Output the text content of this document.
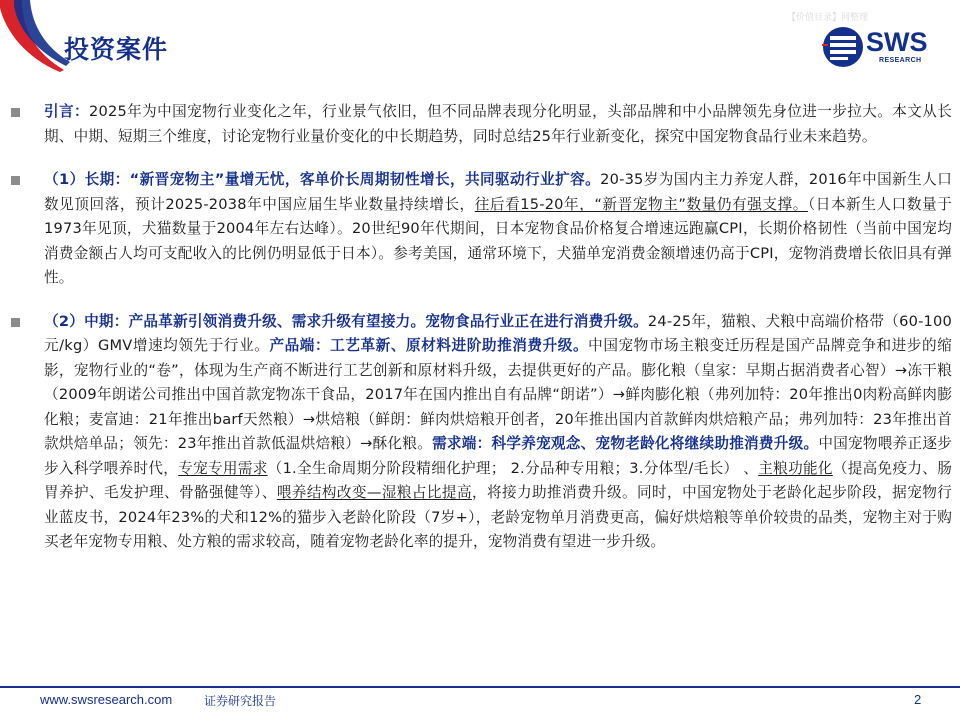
投资案件
【价值目录】网整理
SWS
RESEARCH

引言：2025年为中国宠物行业变化之年，行业景气依旧，但不同品牌表现分化明显，头部品牌和中小品牌领先身位进一步拉大。本文从长期、中期、短期三个维度，讨论宠物行业量价变化的中长期趋势，同时总结25年行业新变化，探究中国宠物食品行业未来趋势。

（1）长期：“新晋宠物主”量增无忧，客单价长周期韧性增长，共同驱动行业扩容。20-35岁为国内主力养宠人群，2016年中国新生人口数见顶回落，预计2025-2038年中国应届生毕业数量持续增长，往后看15-20年，“新晋宠物主”数量仍有强支撑。（日本新生人口数量于1973年见顶，犬猫数量于2004年左右达峰）。20世纪90年代期间，日本宠物食品价格复合增速远跑赢CPI，长期价格韧性（当前中国宠均消费金额占人均可支配收入的比例仍明显低于日本）。参考美国，通常环境下，犬猫单宠消费金额增速仍高于CPI，宠物消费增长依旧具有弹性。

（2）中期：产品革新引领消费升级、需求升级有望接力。宠物食品行业正在进行消费升级。24-25年，猫粮、犬粮中高端价格带（60-100元/kg）GMV增速均领先于行业。产品端：工艺革新、原材料进阶助推消费升级。中国宠物市场主粮变迁历程是国产品牌竞争和进步的缩影，宠物行业的“卷”，体现为生产商不断进行工艺创新和原材料升级，去提供更好的产品。膨化粮（皇家：早期占据消费者心智）→冻干粮（2009年朗诺公司推出中国首款宠物冻干食品，2017年在国内推出自有品牌“朗诺”）→鲜肉膨化粮（弗列加特：20年推出0肉粉高鲜肉膨化粮；麦富迪：21年推出barf天然粮）→烘焙粮（鲜朗：鲜肉烘焙粮开创者，20年推出国内首款鲜肉烘焙粮产品；弗列加特：23年推出首款烘焙单品；领先：23年推出首款低温烘焙粮）→酥化粮。需求端：科学养宠观念、宠物老龄化将继续助推消费升级。中国宠物喂养正逐步步入科学喂养时代，专宠专用需求（1.全生命周期分阶段精细化护理； 2.分品种专用粮；3.分体型/毛长） 、主粮功能化（提高免疫力、肠胃养护、毛发护理、骨骼强健等）、喂养结构改变—湿粮占比提高，将接力助推消费升级。同时，中国宠物处于老龄化起步阶段，据宠物行业蓝皮书，2024年23%的犬和12%的猫步入老龄化阶段（7岁+），老龄宠物单月消费更高，偏好烘焙粮等单价较贵的品类，宠物主对于购买老年宠物专用粮、处方粮的需求较高，随着宠物老龄化率的提升，宠物消费有望进一步升级。

www.swsresearch.com	证券研究报告	2
